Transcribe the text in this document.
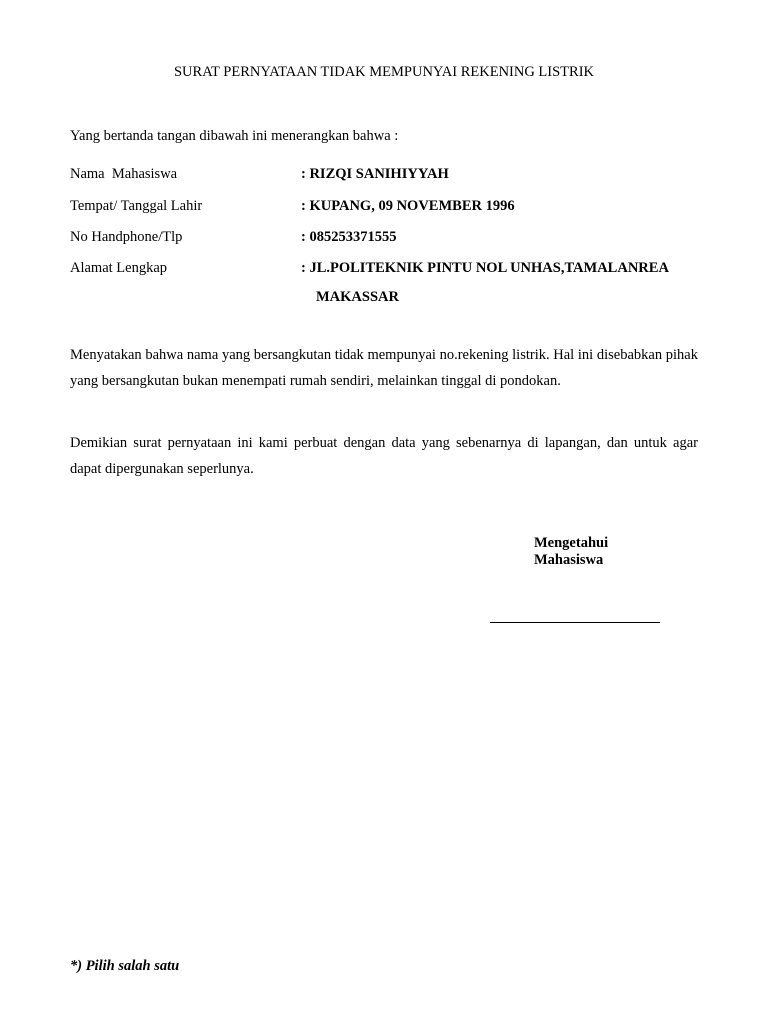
SURAT PERNYATAAN TIDAK MEMPUNYAI REKENING LISTRIK
Yang bertanda tangan dibawah ini menerangkan bahwa :
Nama  Mahasiswa	: RIZQI SANIHIYYAH
Tempat/ Tanggal Lahir	: KUPANG, 09 NOVEMBER 1996
No Handphone/Tlp	: 085253371555
Alamat Lengkap	: JL.POLITEKNIK PINTU NOL UNHAS,TAMALANREA
MAKASSAR
Menyatakan bahwa nama yang bersangkutan tidak mempunyai no.rekening listrik. Hal ini disebabkan pihak yang bersangkutan bukan menempati rumah sendiri, melainkan tinggal di pondokan.
Demikian surat pernyataan ini kami perbuat dengan data yang sebenarnya di lapangan, dan untuk agar dapat dipergunakan seperlunya.
Mengetahui
Mahasiswa
*) Pilih salah satu
